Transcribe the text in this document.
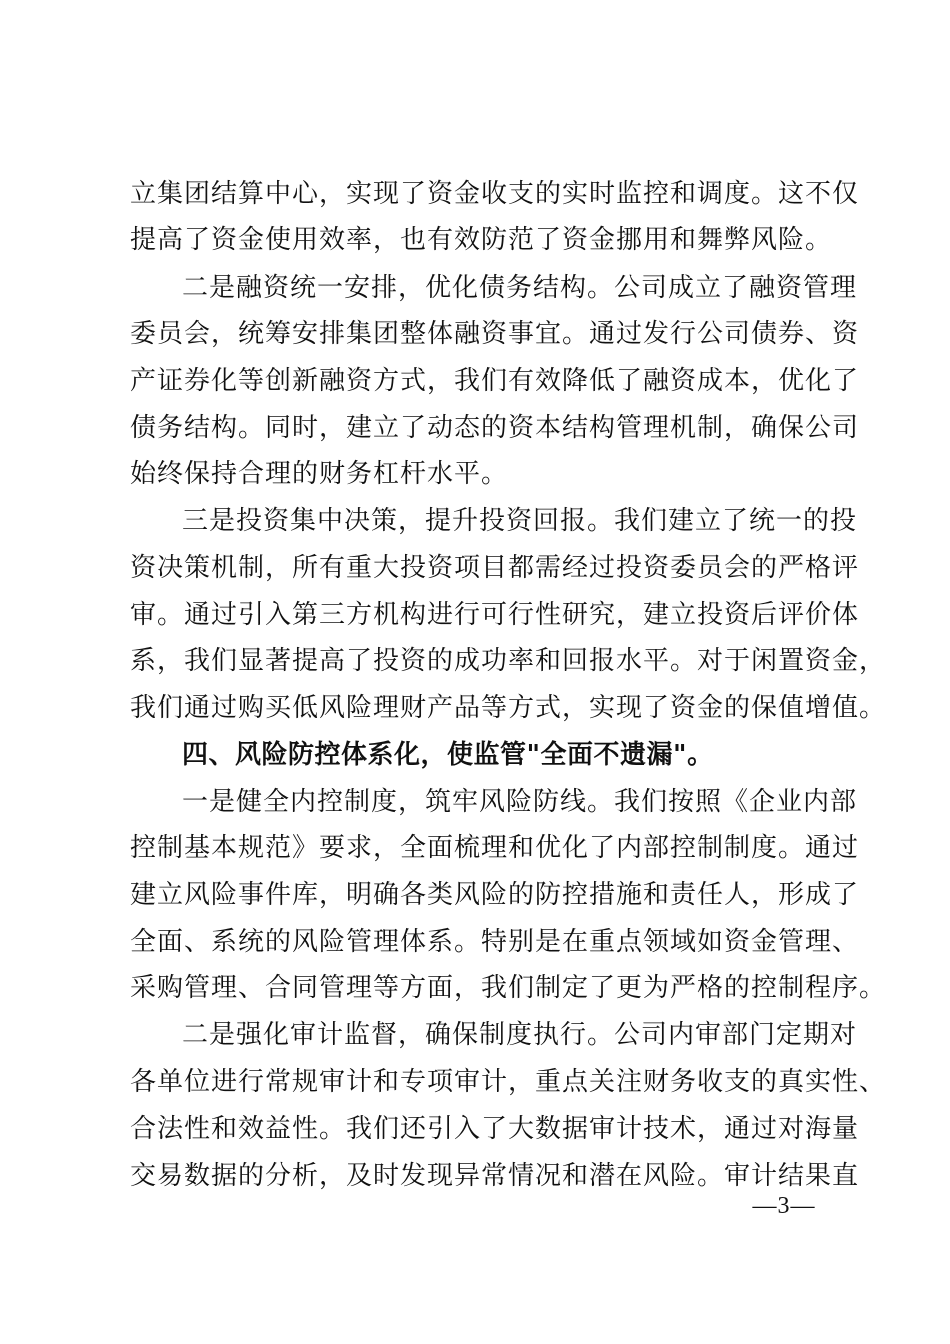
立集团结算中心，实现了资金收支的实时监控和调度。这不仅
提高了资金使用效率，也有效防范了资金挪用和舞弊风险。
二是融资统一安排，优化债务结构。公司成立了融资管理
委员会，统筹安排集团整体融资事宜。通过发行公司债券、资
产证券化等创新融资方式，我们有效降低了融资成本，优化了
债务结构。同时，建立了动态的资本结构管理机制，确保公司
始终保持合理的财务杠杆水平。
三是投资集中决策，提升投资回报。我们建立了统一的投
资决策机制，所有重大投资项目都需经过投资委员会的严格评
审。通过引入第三方机构进行可行性研究，建立投资后评价体
系，我们显著提高了投资的成功率和回报水平。对于闲置资金，
我们通过购买低风险理财产品等方式，实现了资金的保值增值。
四、风险防控体系化，使监管"全面不遗漏"。
一是健全内控制度，筑牢风险防线。我们按照《企业内部
控制基本规范》要求，全面梳理和优化了内部控制制度。通过
建立风险事件库，明确各类风险的防控措施和责任人，形成了
全面、系统的风险管理体系。特别是在重点领域如资金管理、
采购管理、合同管理等方面，我们制定了更为严格的控制程序。
二是强化审计监督，确保制度执行。公司内审部门定期对
各单位进行常规审计和专项审计，重点关注财务收支的真实性、
合法性和效益性。我们还引入了大数据审计技术，通过对海量
交易数据的分析，及时发现异常情况和潜在风险。审计结果直
—3—
